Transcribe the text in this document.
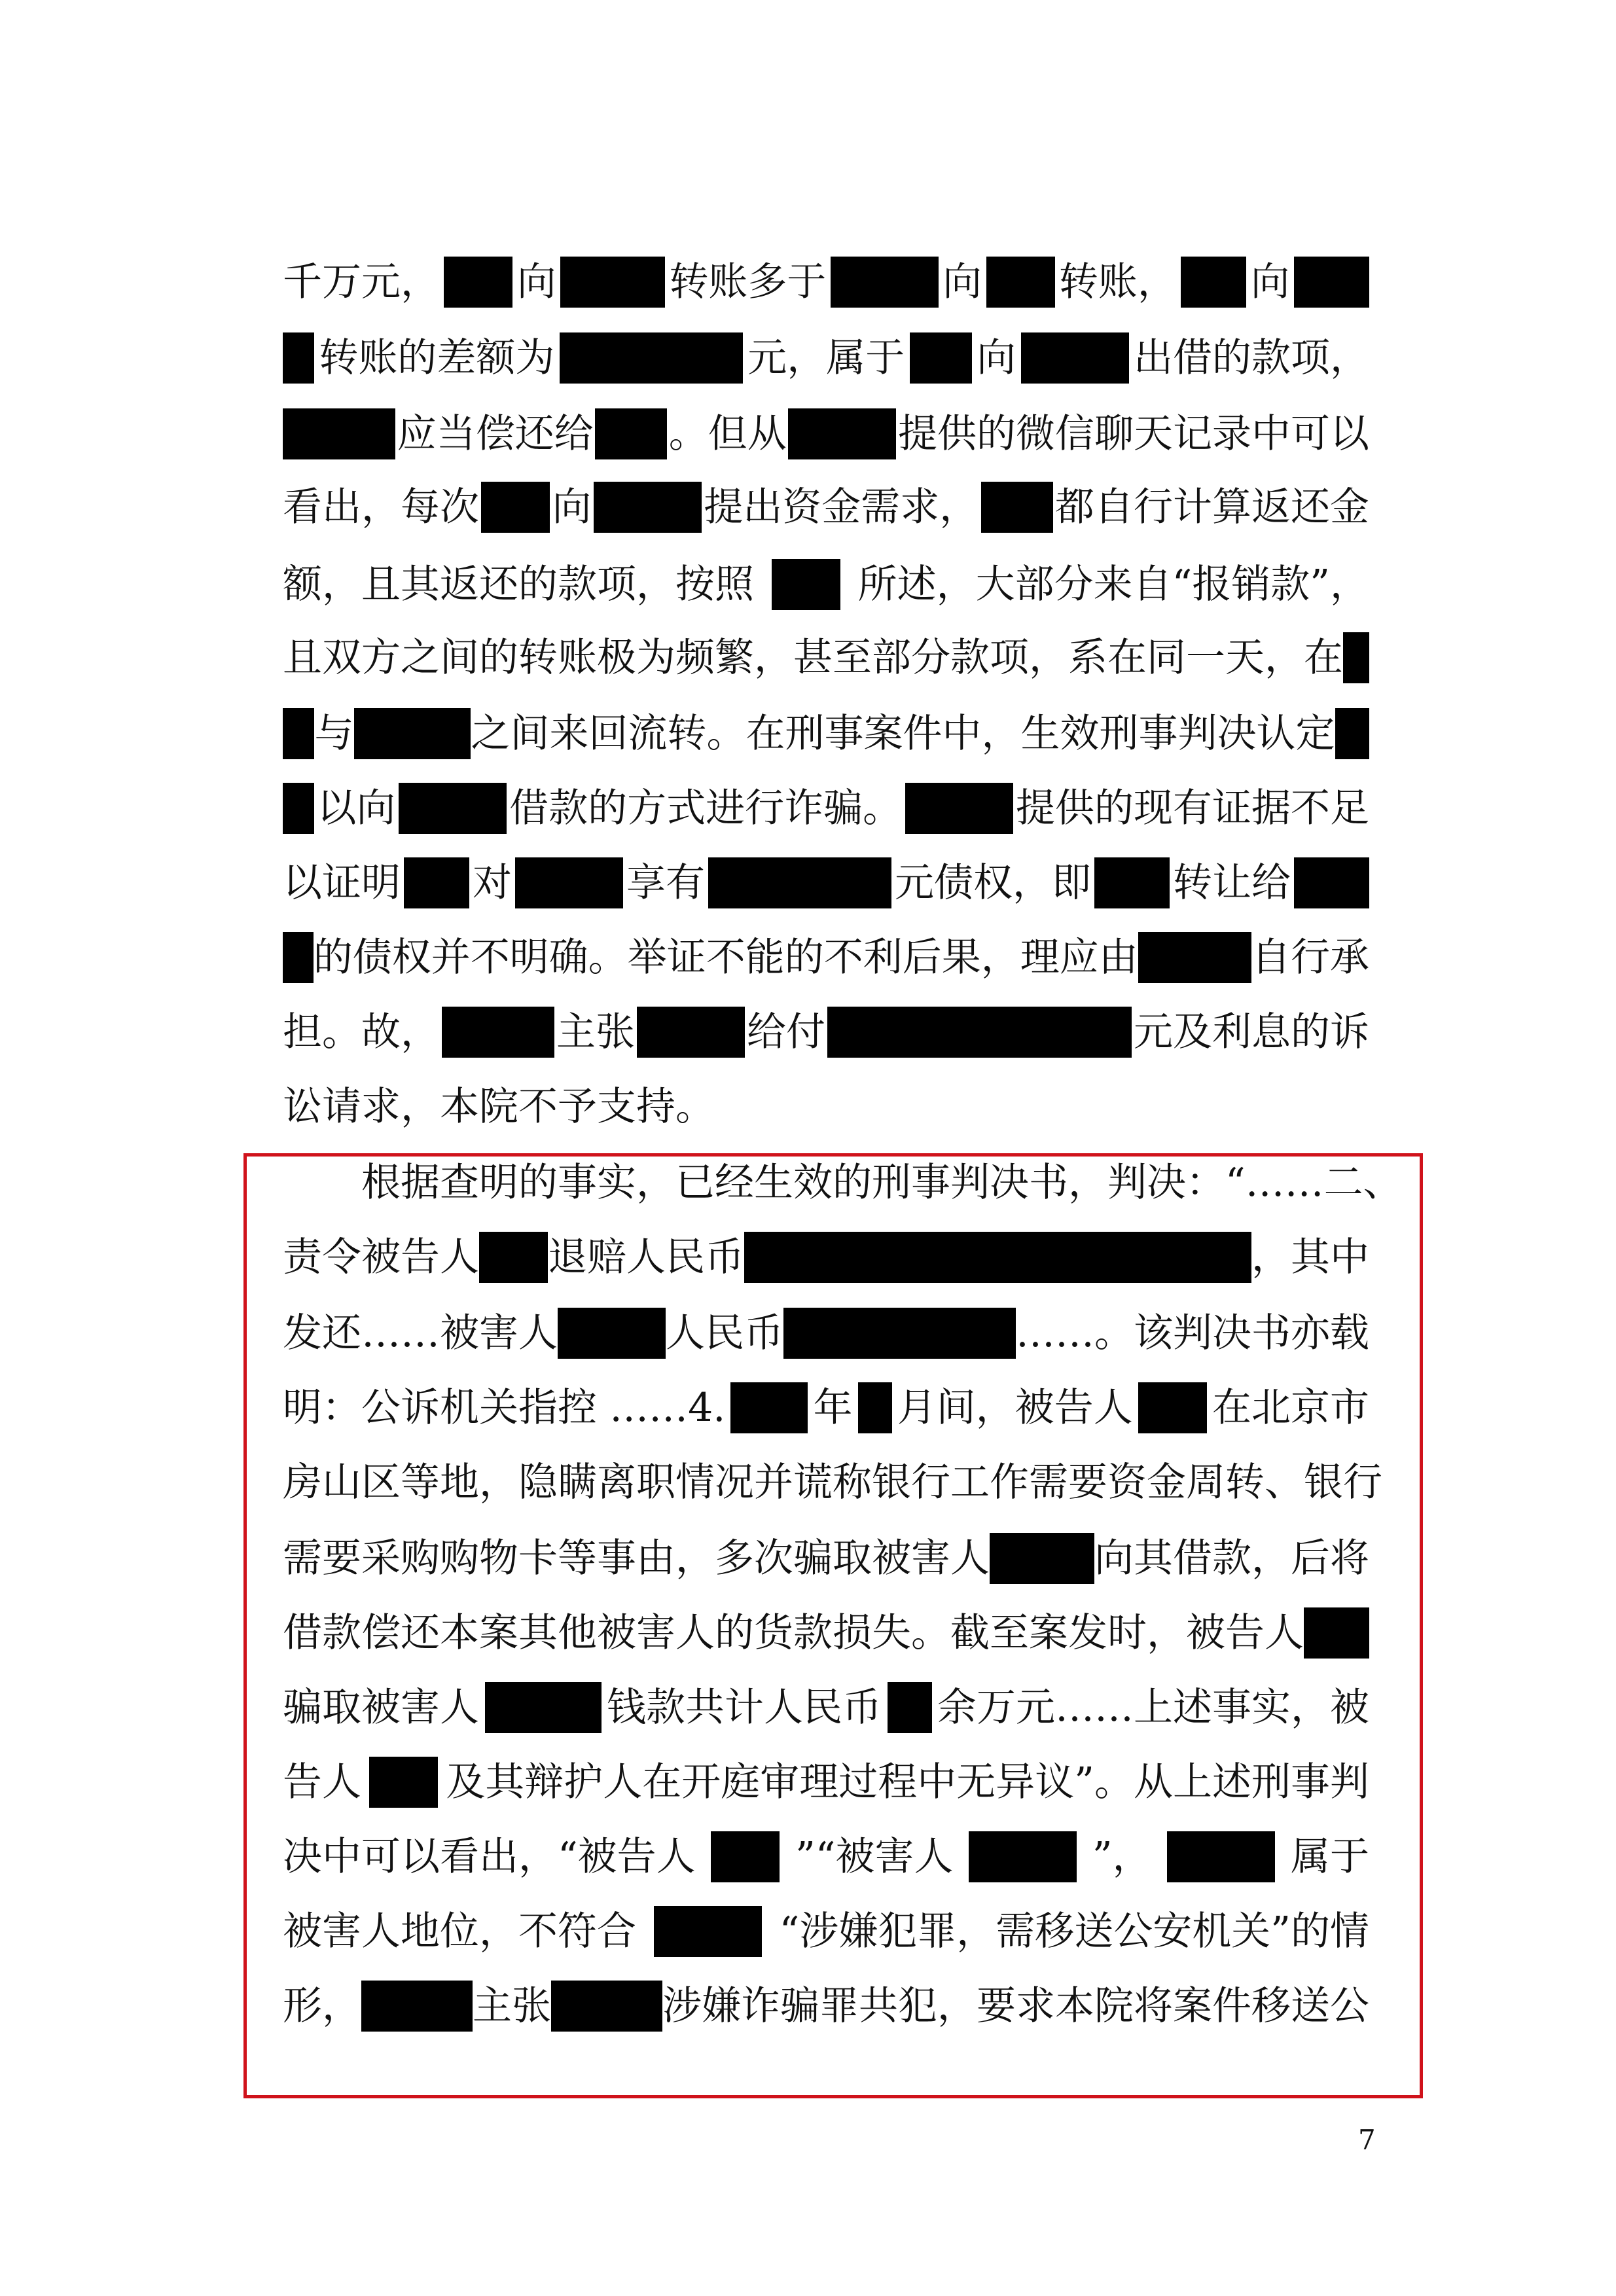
千万元， 向	转账多于	向 转账， 向
转账的差额为	元，属于 向	出借的款项，
应当偿还给 。但从	提供的微信聊天记录中可以
看出，每次 向	提出资金需求， 都自行计算返还金
额，且其返还的款项，按照	所述，大部分来自“报销款”，
且双方之间的转账极为频繁，甚至部分款项，系在同一天，在
与	之间来回流转。在刑事案件中，生效刑事判决认定
以向	借款的方式进行诈骗。	提供的现有证据不足
以证明 对	享有	元债权，即 转让给
的债权并不明确。举证不能的不利后果，理应由	自行承
担。故，	主张	给付	元及利息的诉
讼请求，本院不予支持。
根据查明的事实，已经生效的刑事判决书，判决：“……二、
责令被告人 退赔人民币	，其中
发还……被害人	人民币	……。该判决书亦载
明：公诉机关指控 ……4. 年 月间，被告人 在北京市
房山区等地，隐瞒离职情况并谎称银行工作需要资金周转、银行
需要采购购物卡等事由，多次骗取被害人	向其借款，后将
借款偿还本案其他被害人的货款损失。截至案发时，被告人
骗取被害人	钱款共计人民币 余万元……上述事实，被
告人 及其辩护人在开庭审理过程中无异议”。从上述刑事判
决中可以看出，“被告人	”“被害人	”，	属于
被害人地位，不符合	“涉嫌犯罪，需移送公安机关”的情
形，	主张	涉嫌诈骗罪共犯，要求本院将案件移送公
7
